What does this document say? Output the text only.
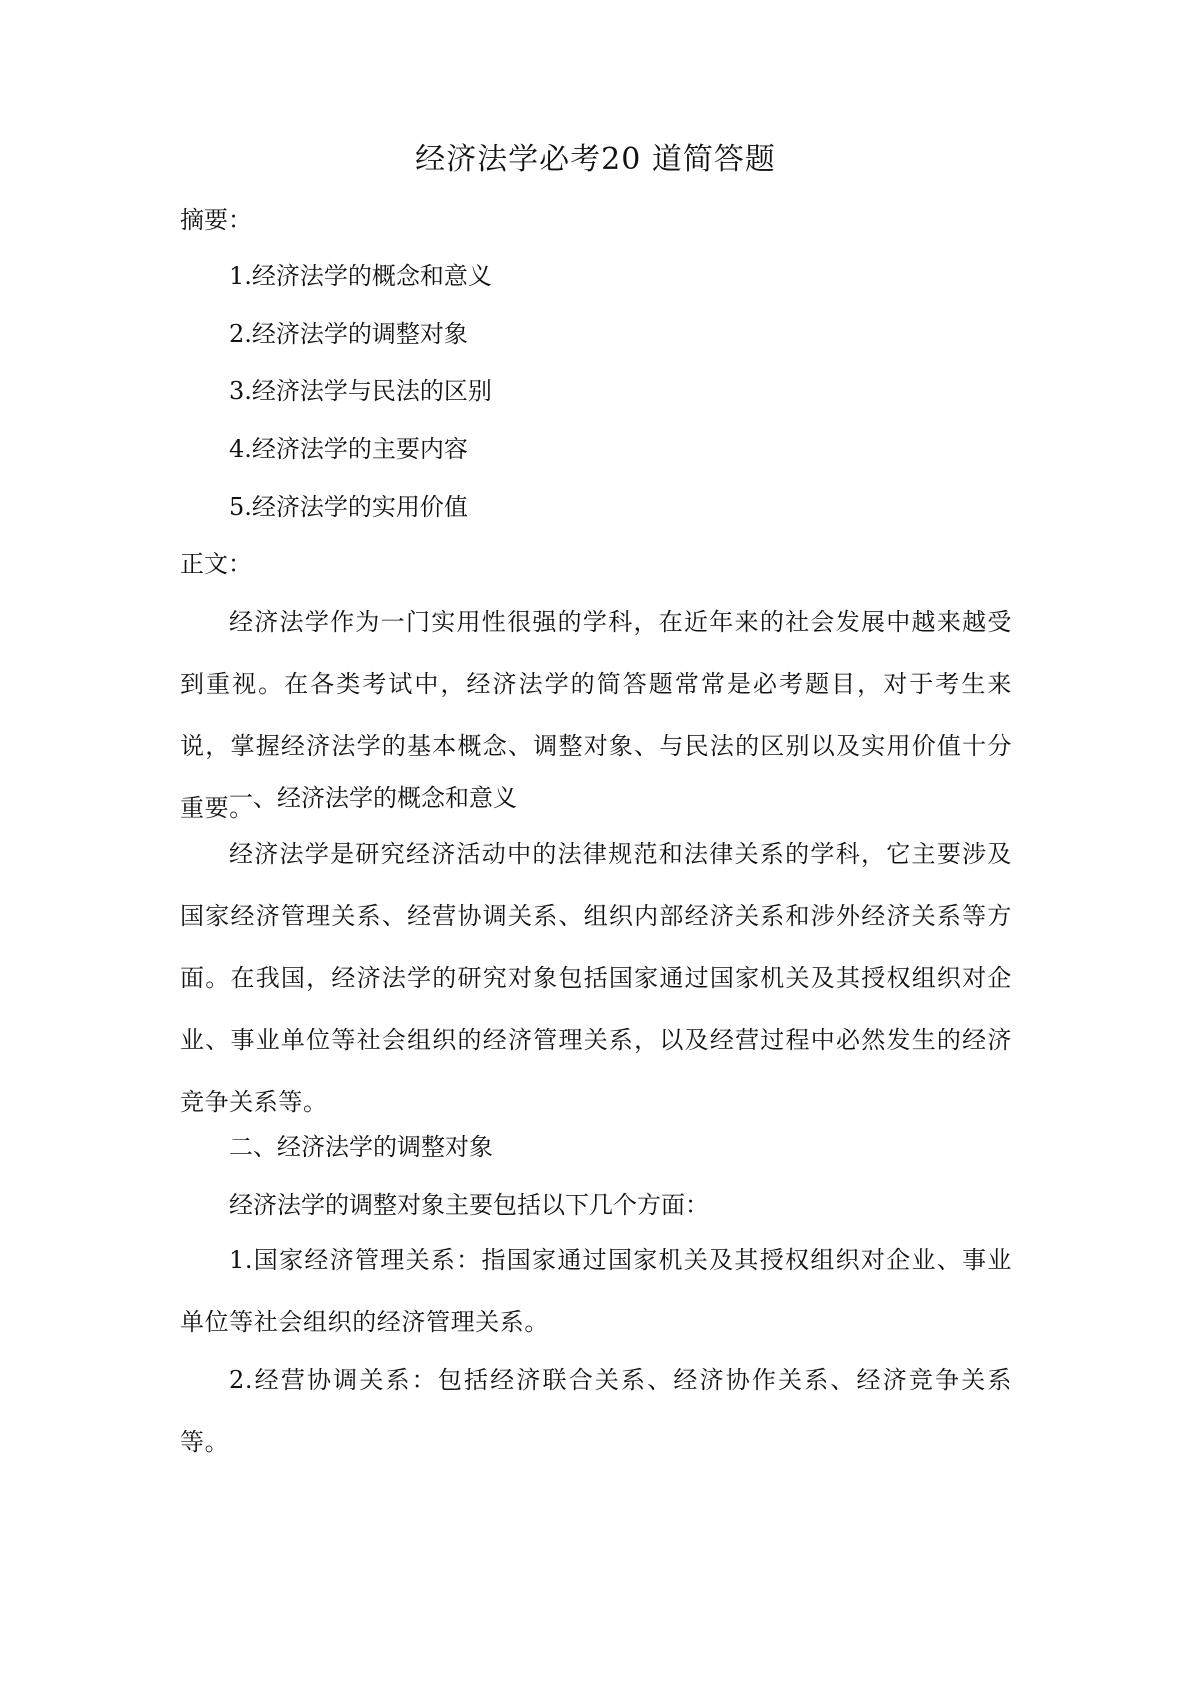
经济法学必考20 道简答题
摘要：
1.经济法学的概念和意义
2.经济法学的调整对象
3.经济法学与民法的区别
4.经济法学的主要内容
5.经济法学的实用价值
正文：
经济法学作为一门实用性很强的学科，在近年来的社会发展中越来越受到重视。在各类考试中，经济法学的简答题常常是必考题目，对于考生来说，掌握经济法学的基本概念、调整对象、与民法的区别以及实用价值十分重要。
一、经济法学的概念和意义
经济法学是研究经济活动中的法律规范和法律关系的学科，它主要涉及国家经济管理关系、经营协调关系、组织内部经济关系和涉外经济关系等方面。在我国，经济法学的研究对象包括国家通过国家机关及其授权组织对企业、事业单位等社会组织的经济管理关系，以及经营过程中必然发生的经济竞争关系等。
二、经济法学的调整对象
经济法学的调整对象主要包括以下几个方面：
1.国家经济管理关系：指国家通过国家机关及其授权组织对企业、事业单位等社会组织的经济管理关系。
2.经营协调关系：包括经济联合关系、经济协作关系、经济竞争关系等。
